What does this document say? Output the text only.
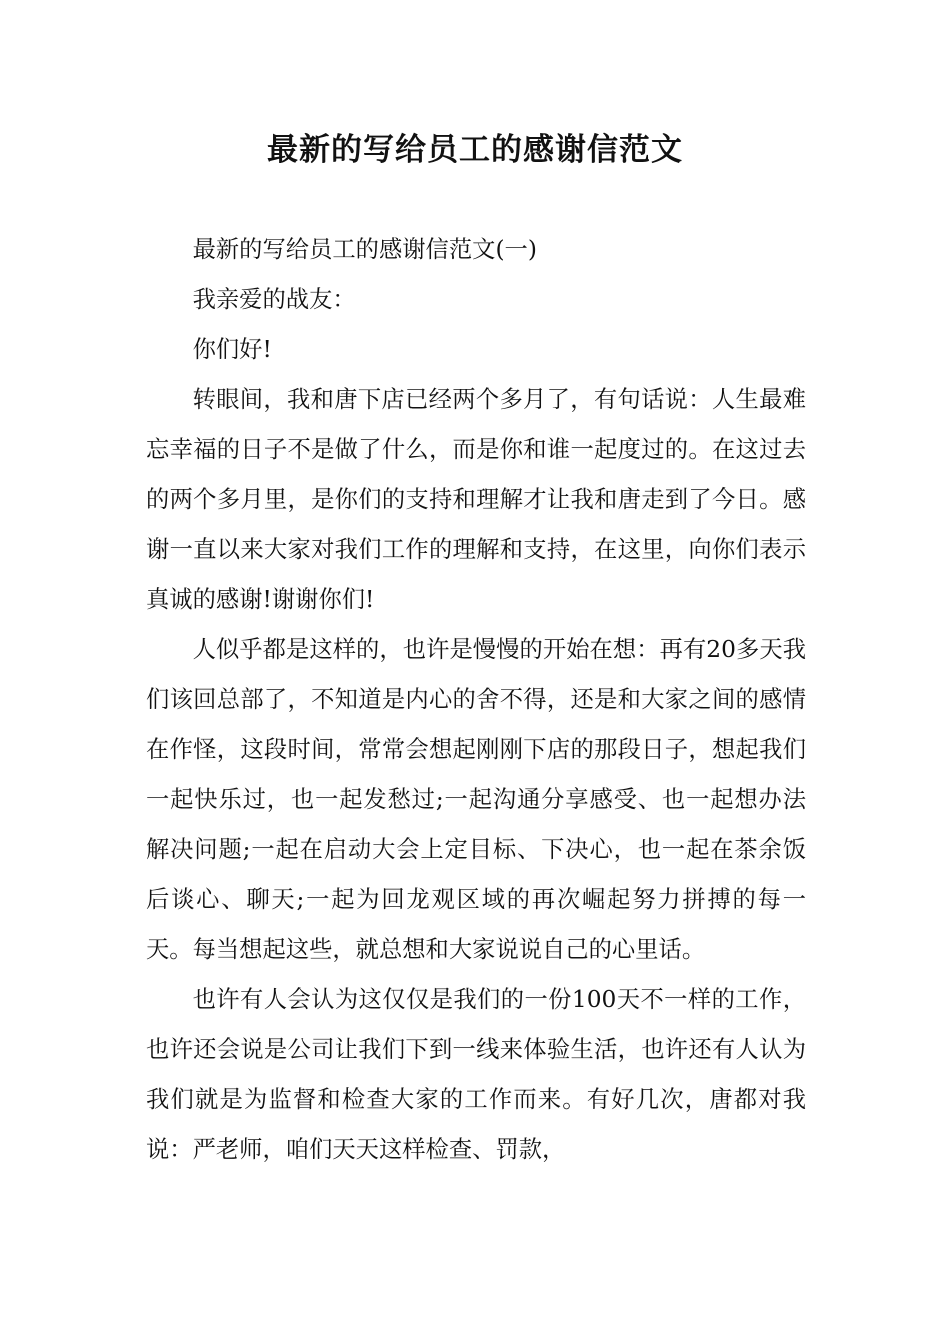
最新的写给员工的感谢信范文

最新的写给员工的感谢信范文(一)

我亲爱的战友：

你们好!

转眼间，我和唐下店已经两个多月了，有句话说：人生最难忘幸福的日子不是做了什么，而是你和谁一起度过的。在这过去的两个多月里，是你们的支持和理解才让我和唐走到了今日。感谢一直以来大家对我们工作的理解和支持，在这里，向你们表示真诚的感谢!谢谢你们!

人似乎都是这样的，也许是慢慢的开始在想：再有20多天我们该回总部了，不知道是内心的舍不得，还是和大家之间的感情在作怪，这段时间，常常会想起刚刚下店的那段日子，想起我们一起快乐过，也一起发愁过;一起沟通分享感受、也一起想办法解决问题;一起在启动大会上定目标、下决心，也一起在茶余饭后谈心、聊天;一起为回龙观区域的再次崛起努力拼搏的每一天。每当想起这些，就总想和大家说说自己的心里话。

也许有人会认为这仅仅是我们的一份100天不一样的工作，也许还会说是公司让我们下到一线来体验生活，也许还有人认为我们就是为监督和检查大家的工作而来。有好几次，唐都对我说：严老师，咱们天天这样检查、罚款，
